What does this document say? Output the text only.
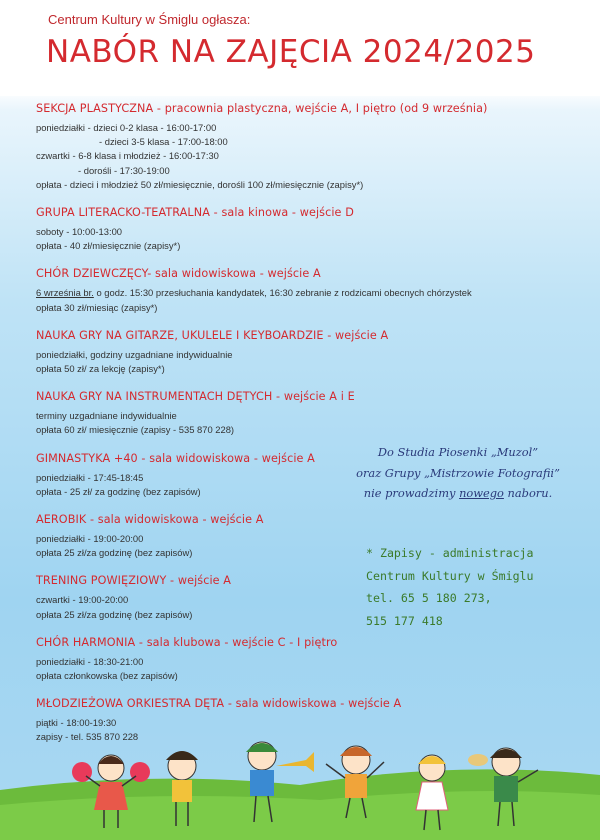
Centrum Kultury w Śmiglu ogłasza:
NABÓR NA ZAJĘCIA 2024/2025
SEKCJA PLASTYCZNA - pracownia plastyczna, wejście A, I piętro (od 9 września)
poniedziałki - dzieci 0-2 klasa - 16:00-17:00
- dzieci 3-5 klasa - 17:00-18:00
czwartki - 6-8 klasa i młodzież - 16:00-17:30
- dorośli - 17:30-19:00
opłata - dzieci i młodzież 50 zł/miesięcznie, dorośli 100 zł/miesięcznie (zapisy*)
GRUPA LITERACKO-TEATRALNA - sala kinowa - wejście D
soboty - 10:00-13:00
opłata - 40 zł/miesięcznie (zapisy*)
CHÓR DZIEWCZĘCY- sala widowiskowa - wejście A
6 września br. o godz. 15:30 przesłuchania kandydatek, 16:30 zebranie z rodzicami obecnych chórzystek
opłata 30 zł/miesiąc (zapisy*)
NAUKA GRY NA GITARZE, UKULELE I KEYBOARDZIE - wejście A
poniedziałki, godziny uzgadniane indywidualnie
opłata 50 zł/ za lekcję (zapisy*)
NAUKA GRY NA INSTRUMENTACH DĘTYCH - wejście A i E
terminy uzgadniane indywidualnie
opłata 60 zł/ miesięcznie (zapisy - 535 870 228)
GIMNASTYKA +40 - sala widowiskowa - wejście A
poniedziałki - 17:45-18:45
opłata - 25 zł/ za godzinę (bez zapisów)
AEROBIK - sala widowiskowa - wejście A
poniedziałki - 19:00-20:00
opłata 25 zł/za godzinę (bez zapisów)
TRENING POWIĘZIOWY - wejście A
czwartki - 19:00-20:00
opłata 25 zł/za godzinę (bez zapisów)
CHÓR HARMONIA - sala klubowa - wejście C - I piętro
poniedziałki - 18:30-21:00
opłata członkowska (bez zapisów)
MŁODZIEŻOWA ORKIESTRA DĘTA - sala widowiskowa - wejście A
piątki - 18:00-19:30
zapisy - tel. 535 870 228
Do Studia Piosenki „Muzol”
oraz Grupy „Mistrzowie Fotografii”
nie prowadzimy nowego naboru.
* Zapisy - administracja
Centrum Kultury w Śmiglu
tel. 65 5 180 273,
515 177 418
